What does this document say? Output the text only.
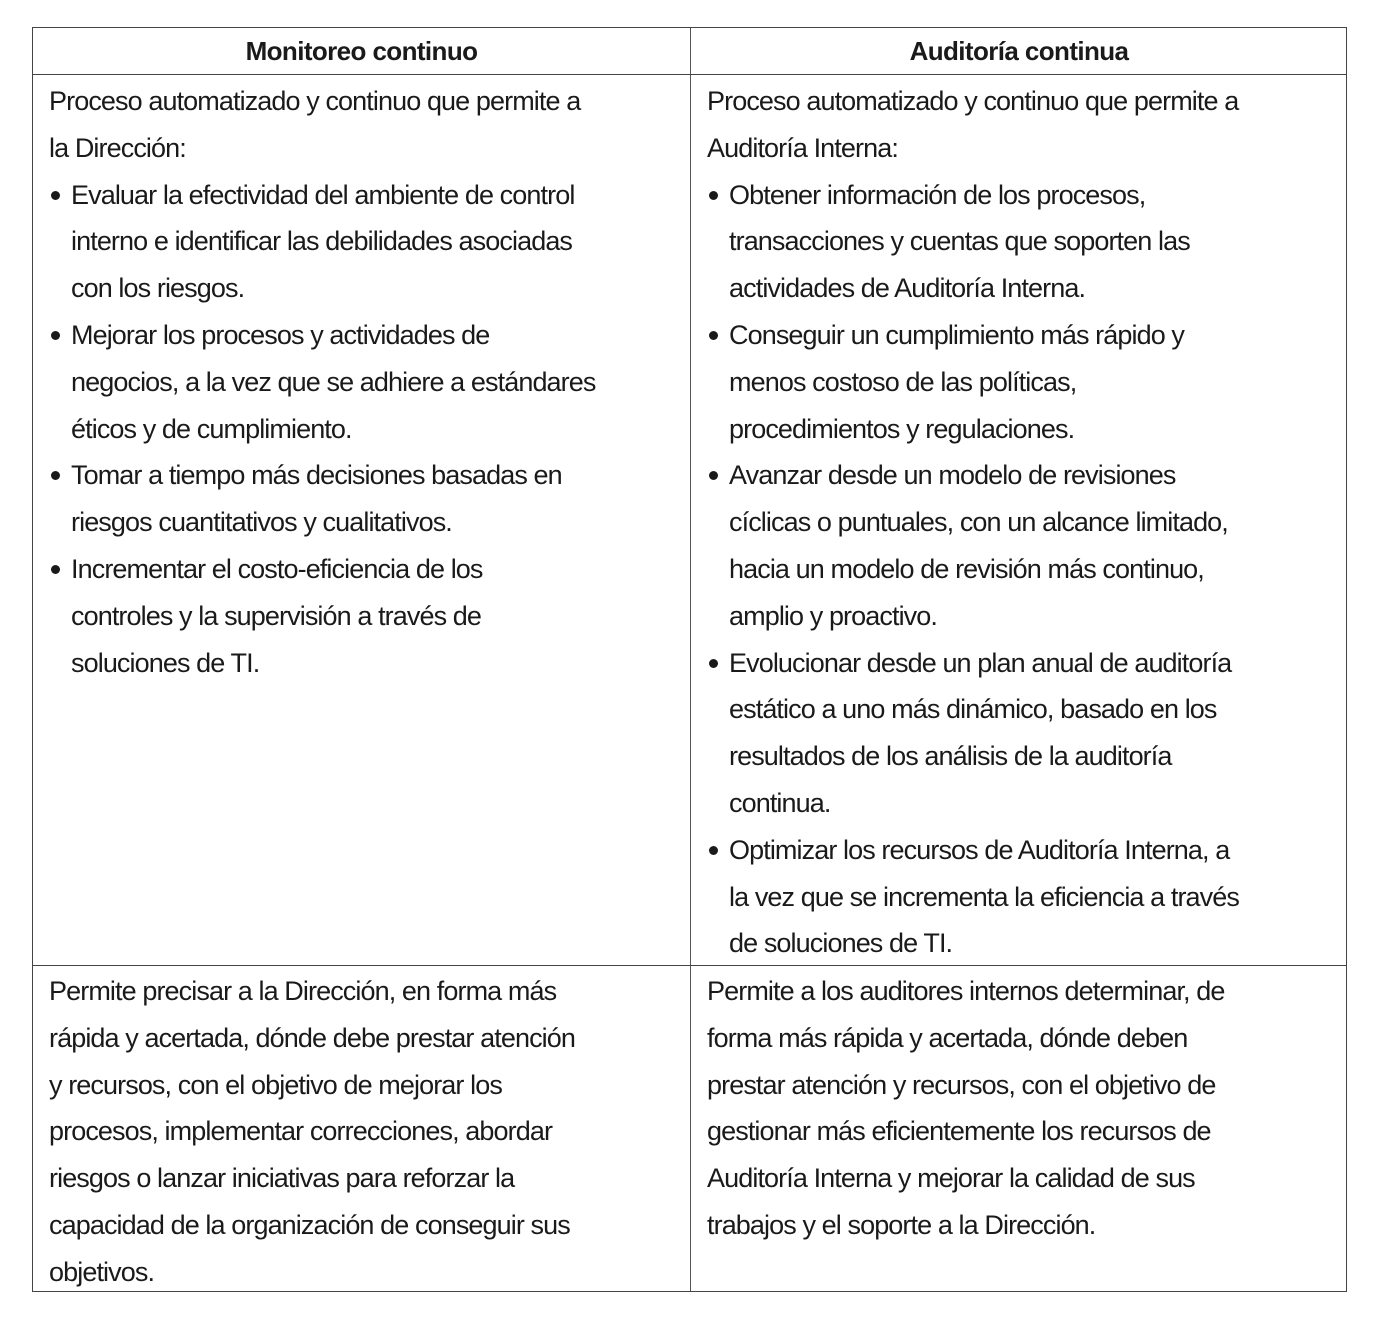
Monitoreo continuo	Auditoría continua
Proceso automatizado y continuo que permite a
la Dirección:
Evaluar la efectividad del ambiente de control
interno e identificar las debilidades asociadas
con los riesgos.
Mejorar los procesos y actividades de
negocios, a la vez que se adhiere a estándares
éticos y de cumplimiento.
Tomar a tiempo más decisiones basadas en
riesgos cuantitativos y cualitativos.
Incrementar el costo-eficiencia de los
controles y la supervisión a través de
soluciones de TI.
Proceso automatizado y continuo que permite a
Auditoría Interna:
Obtener información de los procesos,
transacciones y cuentas que soporten las
actividades de Auditoría Interna.
Conseguir un cumplimiento más rápido y
menos costoso de las políticas,
procedimientos y regulaciones.
Avanzar desde un modelo de revisiones
cíclicas o puntuales, con un alcance limitado,
hacia un modelo de revisión más continuo,
amplio y proactivo.
Evolucionar desde un plan anual de auditoría
estático a uno más dinámico, basado en los
resultados de los análisis de la auditoría
continua.
Optimizar los recursos de Auditoría Interna, a
la vez que se incrementa la eficiencia a través
de soluciones de TI.
Permite precisar a la Dirección, en forma más
rápida y acertada, dónde debe prestar atención
y recursos, con el objetivo de mejorar los
procesos, implementar correcciones, abordar
riesgos o lanzar iniciativas para reforzar la
capacidad de la organización de conseguir sus
objetivos.
Permite a los auditores internos determinar, de
forma más rápida y acertada, dónde deben
prestar atención y recursos, con el objetivo de
gestionar más eficientemente los recursos de
Auditoría Interna y mejorar la calidad de sus
trabajos y el soporte a la Dirección.
